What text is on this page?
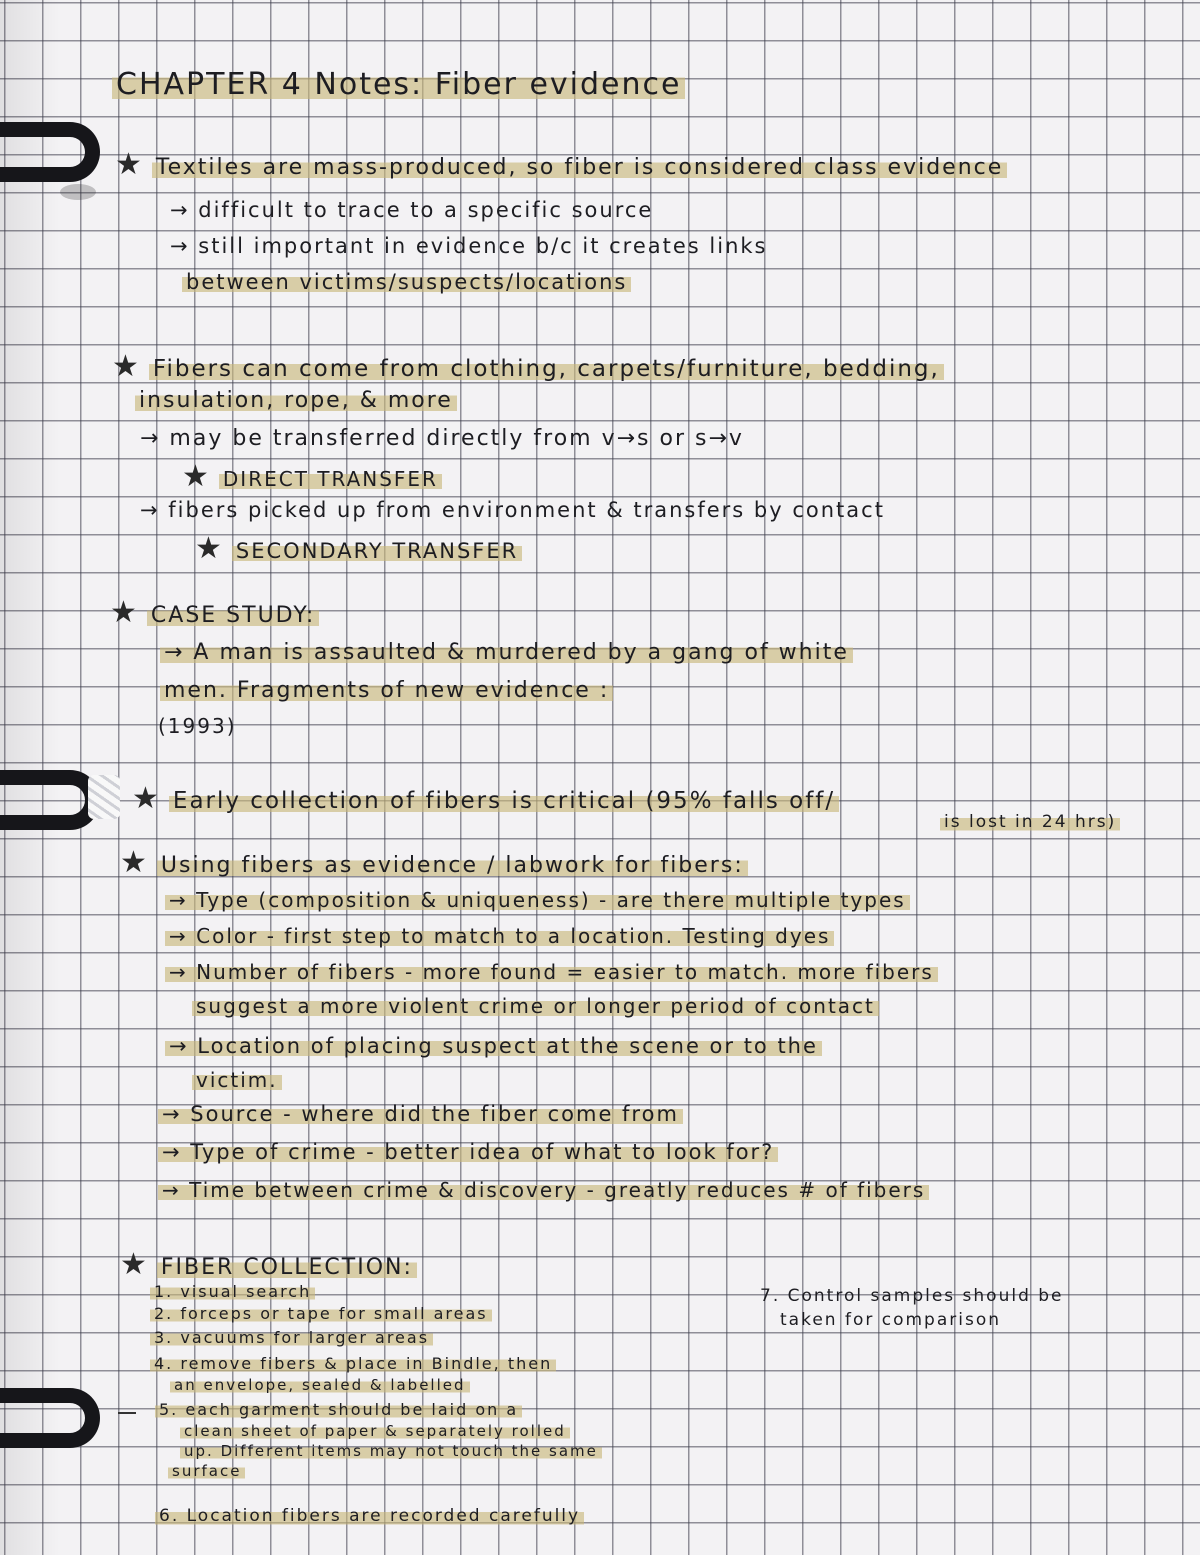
CHAPTER 4 Notes: Fiber evidence
★ Textiles are mass-produced, so fiber is considered class evidence
→ difficult to trace to a specific source
→ still important in evidence b/c it creates links
between victims/suspects/locations
★ Fibers can come from clothing, carpets/furniture, bedding,
insulation, rope, & more
→ may be transferred directly from v→s or s→v
★ DIRECT TRANSFER
→ fibers picked up from environment & transfers by contact
★ SECONDARY TRANSFER
★ CASE STUDY:
→ A man is assaulted & murdered by a gang of white
men. Fragments of new evidence :
(1993)
★ Early collection of fibers is critical (95% falls off/
is lost in 24 hrs)
★ Using fibers as evidence / labwork for fibers:
→ Type (composition & uniqueness) - are there multiple types
→ Color - first step to match to a location. Testing dyes
→ Number of fibers - more found = easier to match. more fibers
suggest a more violent crime or longer period of contact
→ Location of placing suspect at the scene or to the
victim.
→ Source - where did the fiber come from
→ Type of crime - better idea of what to look for?
→ Time between crime & discovery - greatly reduces # of fibers
★ FIBER COLLECTION:
1. visual search
2. forceps or tape for small areas
3. vacuums for larger areas
4. remove fibers & place in Bindle, then
an envelope, sealed & labelled
5. each garment should be laid on a
clean sheet of paper & separately rolled
up. Different items may not touch the same
surface
6. Location fibers are recorded carefully
7. Control samples should be
taken for comparison
